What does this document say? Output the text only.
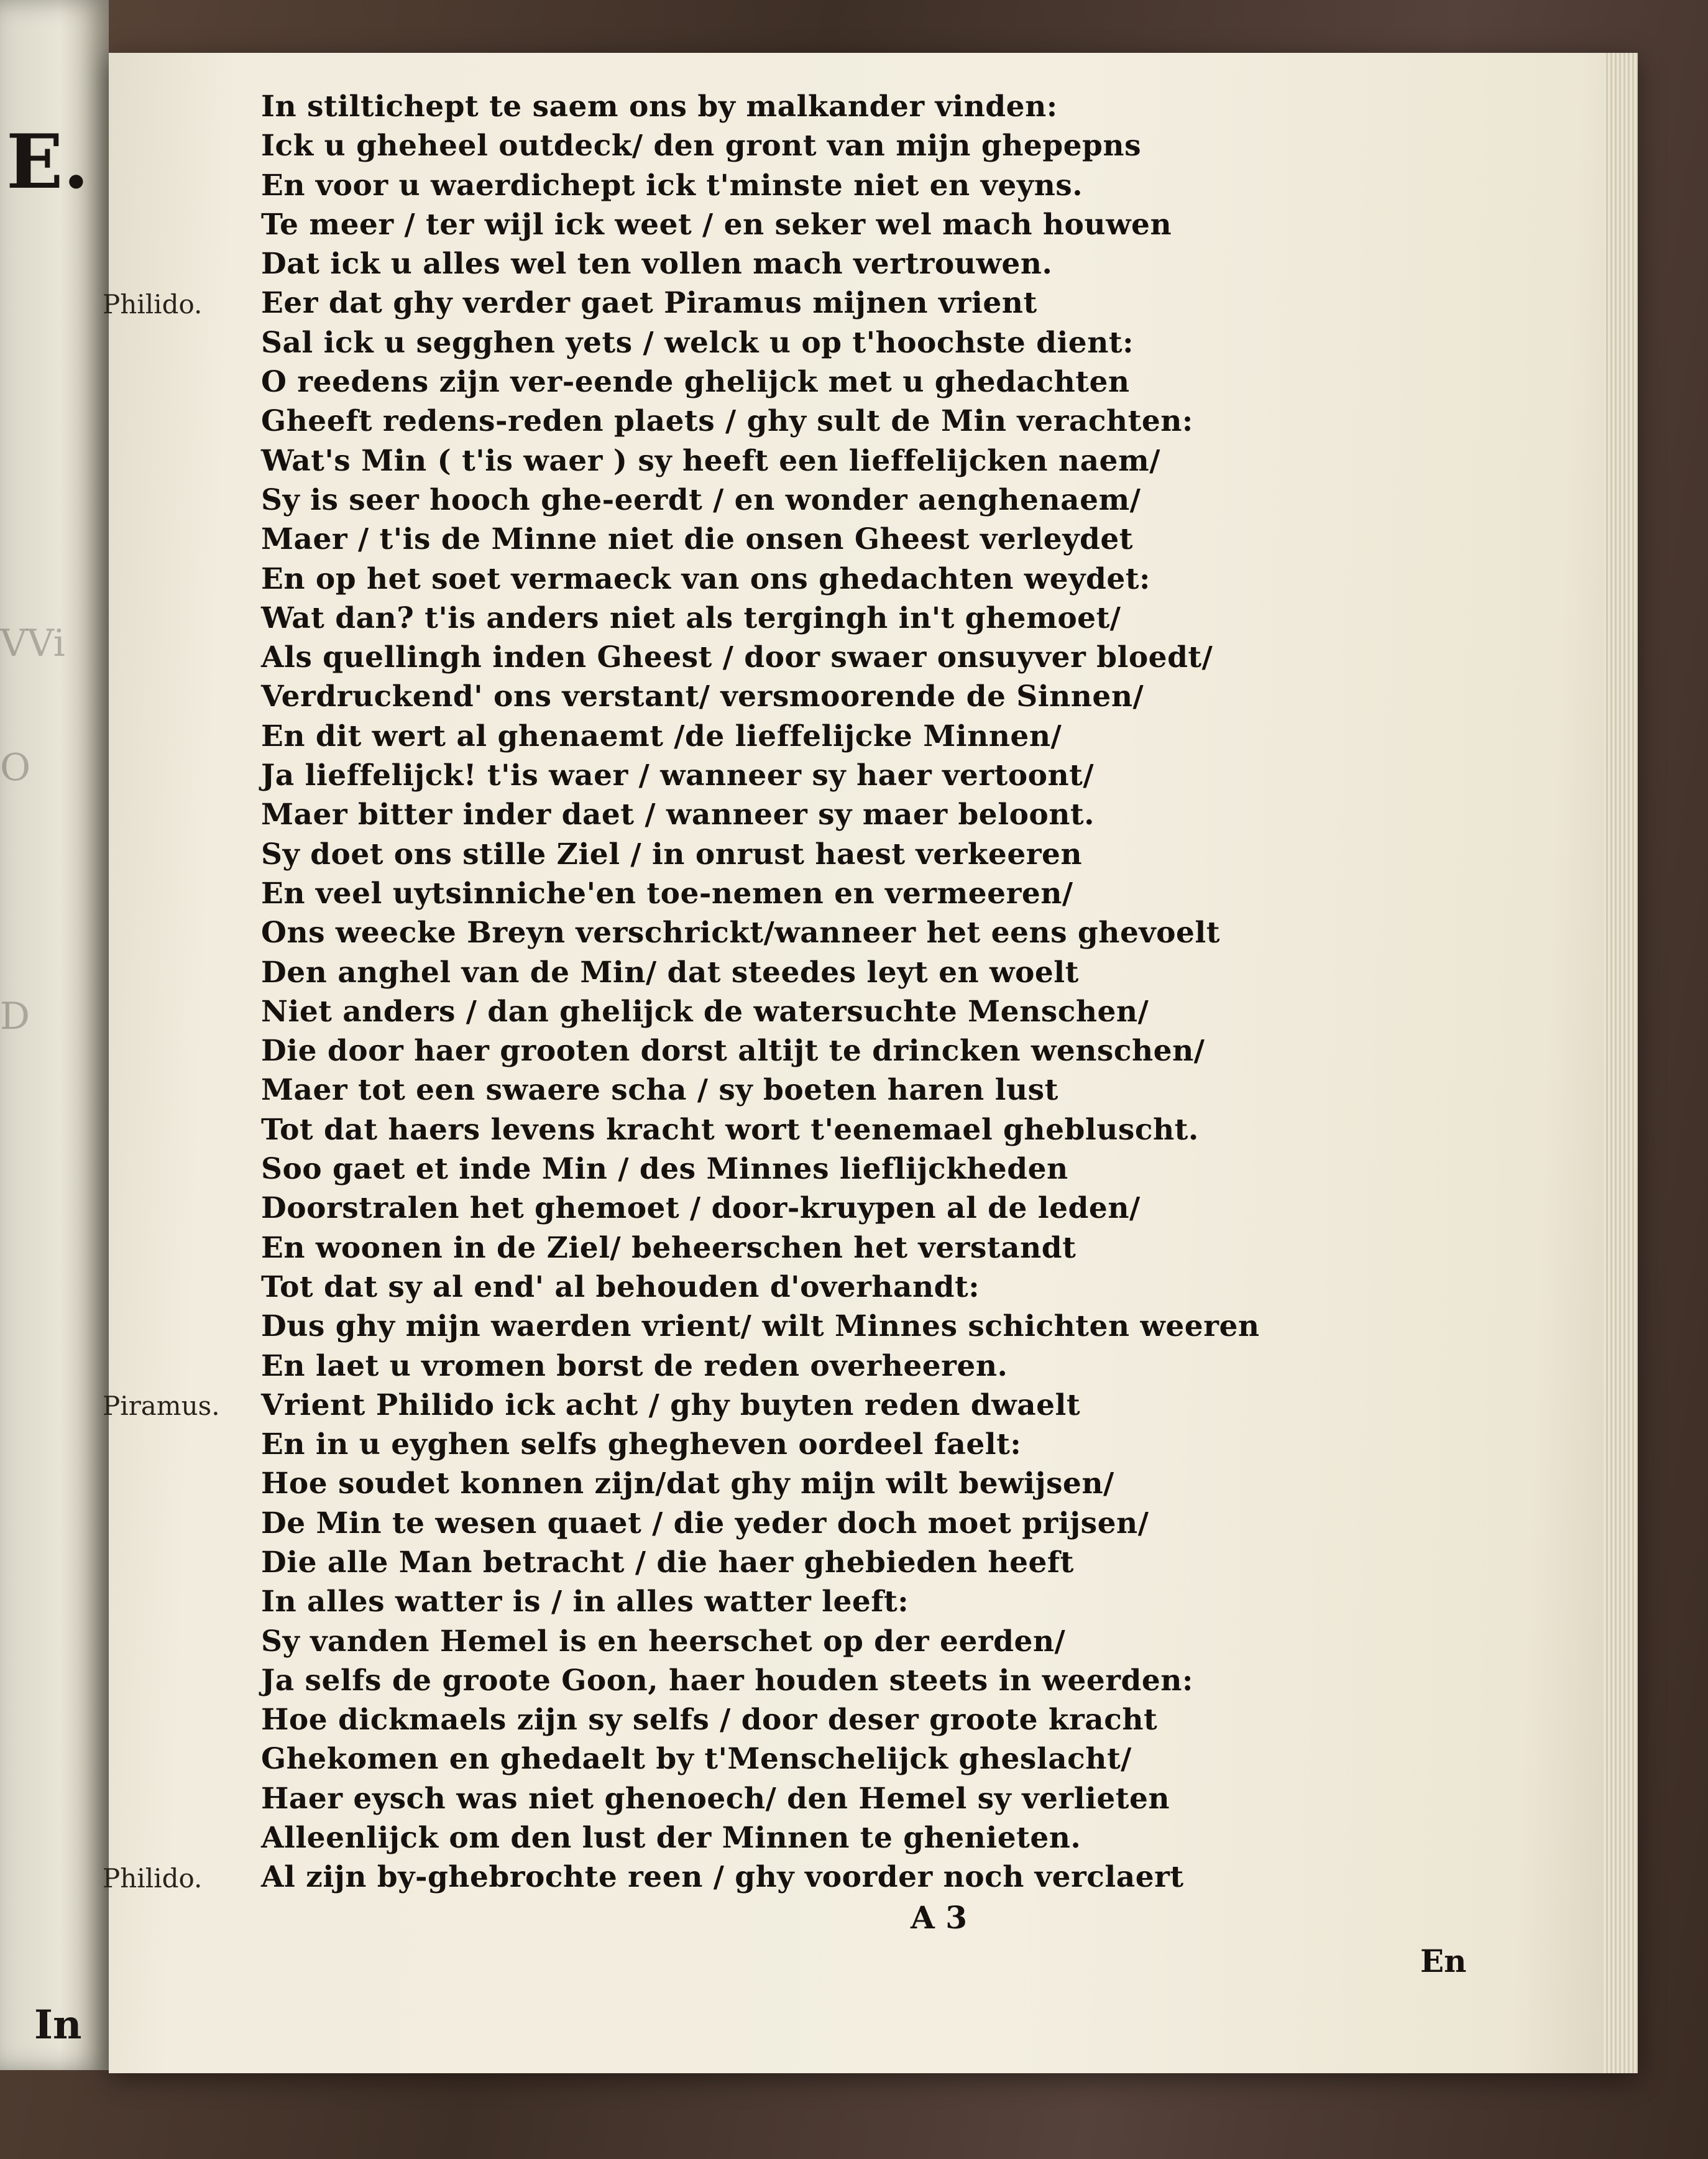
E.
VVi
O
D
In
In stiltichept te saem ons by malkander vinden:
Ick u gheheel outdeck/ den gront van mijn ghepepns
En voor u waerdichept ick t'minste niet en veyns.
Te meer / ter wijl ick weet / en seker wel mach houwen
Dat ick u alles wel ten vollen mach vertrouwen.
Eer dat ghy verder gaet Piramus mijnen vrient
Sal ick u segghen yets / welck u op t'hoochste dient:
O reedens zijn ver-eende ghelijck met u ghedachten
Gheeft redens-reden plaets / ghy sult de Min verachten:
Wat's Min ( t'is waer ) sy heeft een lieffelijcken naem/
Sy is seer hooch ghe-eerdt / en wonder aenghenaem/
Maer / t'is de Minne niet die onsen Gheest verleydet
En op het soet vermaeck van ons ghedachten weydet:
Wat dan? t'is anders niet als tergingh in't ghemoet/
Als quellingh inden Gheest / door swaer onsuyver bloedt/
Verdruckend' ons verstant/ versmoorende de Sinnen/
En dit wert al ghenaemt /de lieffelijcke Minnen/
Ja lieffelijck! t'is waer / wanneer sy haer vertoont/
Maer bitter inder daet / wanneer sy maer beloont.
Sy doet ons stille Ziel / in onrust haest verkeeren
En veel uytsinniche'en toe-nemen en vermeeren/
Ons weecke Breyn verschrickt/wanneer het eens ghevoelt
Den anghel van de Min/ dat steedes leyt en woelt
Niet anders / dan ghelijck de watersuchte Menschen/
Die door haer grooten dorst altijt te drincken wenschen/
Maer tot een swaere scha / sy boeten haren lust
Tot dat haers levens kracht wort t'eenemael ghebluscht.
Soo gaet et inde Min / des Minnes lieflijckheden
Doorstralen het ghemoet / door-kruypen al de leden/
En woonen in de Ziel/ beheerschen het verstandt
Tot dat sy al end' al behouden d'overhandt:
Dus ghy mijn waerden vrient/ wilt Minnes schichten weeren
En laet u vromen borst de reden overheeren.
Vrient Philido ick acht / ghy buyten reden dwaelt
En in u eyghen selfs ghegheven oordeel faelt:
Hoe soudet konnen zijn/dat ghy mijn wilt bewijsen/
De Min te wesen quaet / die yeder doch moet prijsen/
Die alle Man betracht / die haer ghebieden heeft
In alles watter is / in alles watter leeft:
Sy vanden Hemel is en heerschet op der eerden/
Ja selfs de groote Goon, haer houden steets in weerden:
Hoe dickmaels zijn sy selfs / door deser groote kracht
Ghekomen en ghedaelt by t'Menschelijck gheslacht/
Haer eysch was niet ghenoech/ den Hemel sy verlieten
Alleenlijck om den lust der Minnen te ghenieten.
Al zijn by-ghebrochte reen / ghy voorder noch verclaert
Philido.
Piramus.
Philido.
A 3
En
